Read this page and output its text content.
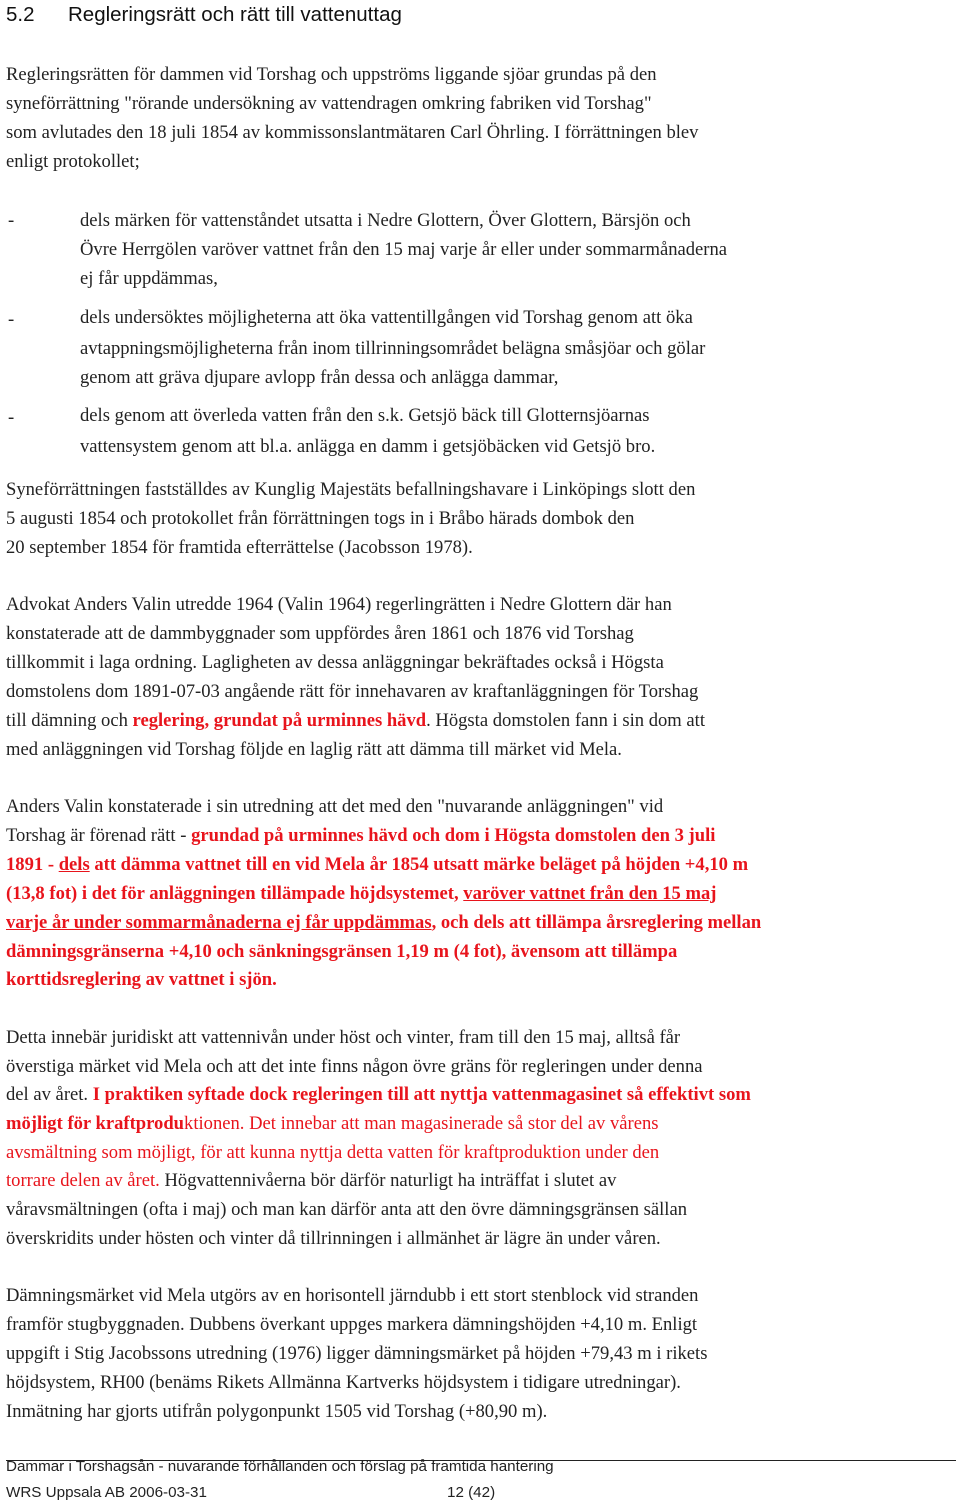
5.2 Regleringsrätt och rätt till vattenuttag
Regleringsrätten för dammen vid Torshag och uppströms liggande sjöar grundas på den
syneförrättning "rörande undersökning av vattendragen omkring fabriken vid Torshag"
som avlutades den 18 juli 1854 av kommissonslantmätaren Carl Öhrling. I förrättningen blev
enligt protokollet;
-	dels märken för vattenståndet utsatta i Nedre Glottern, Över Glottern, Bärsjön och
Övre Herrgölen varöver vattnet från den 15 maj varje år eller under sommarmånaderna
ej får uppdämmas,
-	dels undersöktes möjligheterna att öka vattentillgången vid Torshag genom att öka
avtappningsmöjligheterna från inom tillrinningsområdet belägna småsjöar och gölar
genom att gräva djupare avlopp från dessa och anlägga dammar,
-	dels genom att överleda vatten från den s.k. Getsjö bäck till Glotternsjöarnas
vattensystem genom att bl.a. anlägga en damm i getsjöbäcken vid Getsjö bro.
Syneförrättningen fastställdes av Kunglig Majestäts befallningshavare i Linköpings slott den
5 augusti 1854 och protokollet från förrättningen togs in i Bråbo härads dombok den
20 september 1854 för framtida efterrättelse (Jacobsson 1978).
Advokat Anders Valin utredde 1964 (Valin 1964) regerlingrätten i Nedre Glottern där han
konstaterade att de dammbyggnader som uppfördes åren 1861 och 1876 vid Torshag
tillkommit i laga ordning. Lagligheten av dessa anläggningar bekräftades också i Högsta
domstolens dom 1891-07-03 angående rätt för innehavaren av kraftanläggningen för Torshag
till dämning och reglering, grundat på urminnes hävd. Högsta domstolen fann i sin dom att
med anläggningen vid Torshag följde en laglig rätt att dämma till märket vid Mela.
Anders Valin konstaterade i sin utredning att det med den "nuvarande anläggningen" vid
Torshag är förenad rätt - grundad på urminnes hävd och dom i Högsta domstolen den 3 juli
1891 - dels att dämma vattnet till en vid Mela år 1854 utsatt märke beläget på höjden +4,10 m
(13,8 fot) i det för anläggningen tillämpade höjdsystemet, varöver vattnet från den 15 maj
varje år under sommarmånaderna ej får uppdämmas, och dels att tillämpa årsreglering mellan
dämningsgränserna +4,10 och sänkningsgränsen 1,19 m (4 fot), ävensom att tillämpa
korttidsreglering av vattnet i sjön.
Detta innebär juridiskt att vattennivån under höst och vinter, fram till den 15 maj, alltså får
överstiga märket vid Mela och att det inte finns någon övre gräns för regleringen under denna
del av året. I praktiken syftade dock regleringen till att nyttja vattenmagasinet så effektivt som
möjligt för kraftproduktionen. Det innebar att man magasinerade så stor del av vårens
avsmältning som möjligt, för att kunna nyttja detta vatten för kraftproduktion under den
torrare delen av året. Högvattennivåerna bör därför naturligt ha inträffat i slutet av
våravsmältningen (ofta i maj) och man kan därför anta att den övre dämningsgränsen sällan
överskridits under hösten och vinter då tillrinningen i allmänhet är lägre än under våren.
Dämningsmärket vid Mela utgörs av en horisontell järndubb i ett stort stenblock vid stranden
framför stugbyggnaden. Dubbens överkant uppges markera dämningshöjden +4,10 m. Enligt
uppgift i Stig Jacobssons utredning (1976) ligger dämningsmärket på höjden +79,43 m i rikets
höjdsystem, RH00 (benäms Rikets Allmänna Kartverks höjdsystem i tidigare utredningar).
Inmätning har gjorts utifrån polygonpunkt 1505 vid Torshag (+80,90 m).
Dammar i Torshagsån - nuvarande förhållanden och förslag på framtida hantering
WRS Uppsala AB 2006-03-31	12 (42)
